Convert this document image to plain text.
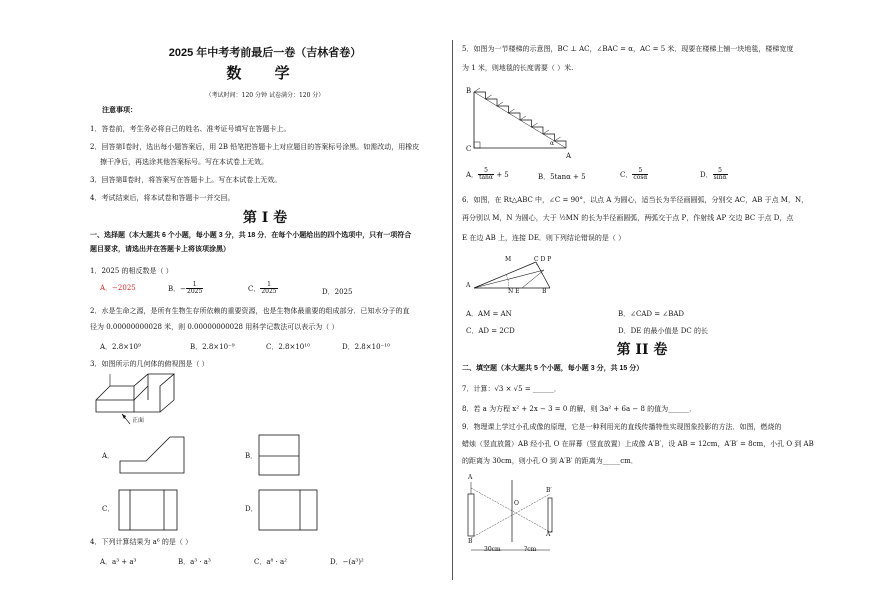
2025 年中考考前最后一卷（吉林省卷）
数 学
（考试时间：120 分钟 试卷满分：120 分）
注意事项：
1．答卷前，考生务必将自己的姓名、准考证号填写在答题卡上。
2．回答第Ⅰ卷时，选出每小题答案后，用 2B 铅笔把答题卡上对应题目的答案标号涂黑。如需改动，用橡皮
擦干净后，再选涂其他答案标号。写在本试卷上无效。
3．回答第Ⅱ卷时，将答案写在答题卡上。写在本试卷上无效。
4．考试结束后，将本试卷和答题卡一并交回。
第 I 卷
一、选择题（本大题共 6 个小题，每小题 3 分，共 18 分．在每个小题给出的四个选项中，只有一项符合
题目要求，请选出并在答题卡上将该项涂黑）
1．2025 的相反数是（ ）
A．−2025	B．− $\frac{1}{2025}$	C． $\frac{1}{2025}$	D．2025
2．水是生命之源，是所有生物生存所依赖的重要资源，也是生物体最重要的组成部分．已知水分子的直
径为 0.00000000028 米，则 0.00000000028 用科学记数法可以表示为（ ）
A．2.8×10⁹	B．2.8×10⁻⁹	C．2.8×10¹⁰	D．2.8×10⁻¹⁰
3．如图所示的几何体的俯视图是（ ）
正面
A．	B．
C．	D．
4．下列计算结果为 a⁶ 的是（ ）
A．a³ + a³	B．a³ · a³	C．a⁸ · a²	D．−(a³)²
5．如图为一节楼梯的示意图，BC ⊥ AC，∠BAC = α，AC = 5 米．现要在楼梯上铺一块地毯，楼梯宽度
为 1 米，则地毯的长度需要（ ）米.
B
C
A
α
A． $\frac{5}{\tan\alpha} + 5$	B．5tanα + 5	C． $\frac{5}{\cos\alpha}$	D． $\frac{5}{\sin\alpha}$
6．如图，在 Rt△ABC 中，∠C = 90°，以点 A 为圆心，适当长为半径画圆弧，分别交 AC，AB 于点 M，N，
再分别以 M，N 为圆心，大于 ½MN 的长为半径画圆弧，两弧交于点 P，作射线 AP 交边 BC 于点 D，点
E 在边 AB 上，连接 DE．则下列结论错误的是（ ）
A
M
N E
C D P
B
A．AM = AN	B．∠CAD = ∠BAD
C．AD = 2CD	D．DE 的最小值是 DC 的长
第 II 卷
二、填空题（本大题共 5 个小题，每小题 3 分，共 15 分）
7．计算：√3 × √5 = ______．
8．若 a 为方程 x² + 2x − 3 = 0 的解，则 3a² + 6a − 8 的值为______．
9．物理课上学过小孔成像的原理，它是一种利用光的直线传播特性实现图象投影的方法．如图，燃烧的
蜡烛（竖直放置）AB 经小孔 O 在屏幕（竖直放置）上成像 A′B′，设 AB = 12cm，A′B′ = 8cm，小孔 O 到 AB
的距离为 30cm，则小孔 O 到 A′B′ 的距离为_____cm．
A
B
O
B′
A′
30cm	?cm
